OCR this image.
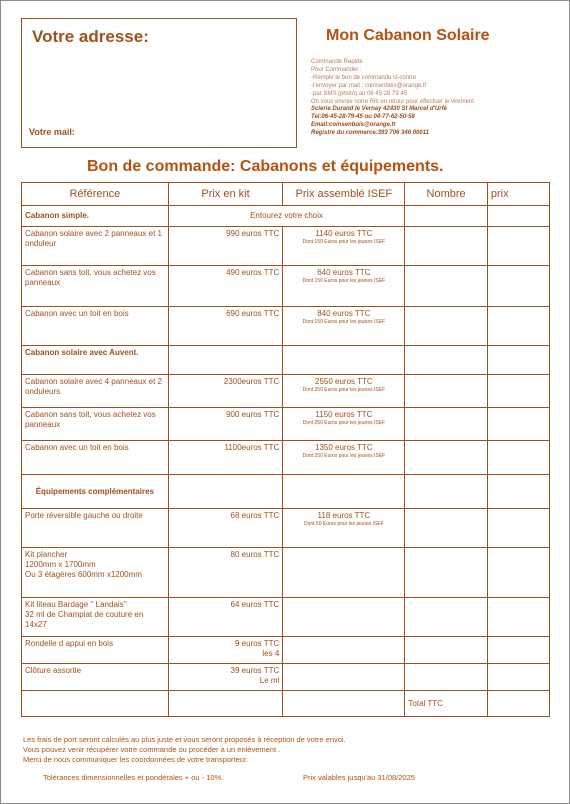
Votre adresse:
Votre mail:
Mon Cabanon Solaire
Commande Rapide
Pour Commander :
-Remplir le bon de commande ci-contre
-l'envoyer par mail : coinsenbois@orange.fr
-par SMS (photo) au 06 45 28 79 45
On vous envoie notre Rib en retour pour effectuer le virement
Scierie Durand le Vernay 42430 St Marcel d'Urfé
Tel:06-45-28-79-45 ou 04-77-62-50-58
Email:coinsenbois@orange.fr
Registre du commerce:393 706 346 00011
Bon de commande: Cabanons et équipements.
Référence	Prix en kit	Prix assemblé ISEF	Nombre	prix
Cabanon simple.	Entourez votre choix			
Cabanon solaire avec 2 panneaux et 1 onduleur	990 euros TTC	1140 euros TTC
Dont 150 Euros pour les jeunes ISEF		

Cabanon sans toit, vous achetez vos panneaux	490 euros TTC	640 euros TTC
Dont 150 Euros pour les jeunes ISEF		

Cabanon avec un toit en bois	690 euros TTC	840 euros TTC
Dont 150 Euros pour les jeunes ISEF		

Cabanon solaire avec Auvent.				
Cabanon solaire avec 4 panneaux et 2 onduleurs	2300euros TTC	2550 euros TTC
Dont 250 Euros pour les jeunes ISEF		

Cabanon sans toit, vous achetez vos panneaux	900 euros TTC	1150 euros TTC
Dont 250 Euros pour les jeunes ISEF		

Cabanon avec un toit en bois	1100euros TTC	1350 euros TTC
Dont 250 Euros pour les jeunes ISEF		

Équipements complémentaires				
Porte réversible gauche ou droite	68 euros TTC	118 euros TTC
Dont 50 Euros pour les jeunes ISEF		

Kit plancher
1200mm x 1700mm
Ou 3 étagères 600mm x1200mm	80 euros TTC			
Kit liteau Bardage '' Landais''
32 ml de Champlat de couture en 14x27	64 euros TTC			
Rondelle d appui en bois	9 euros TTC
les 4			
Clôture assortie	39 euros TTC
Le ml			
			Total TTC	
Les frais de port seront calculés au plus juste et vous seront proposés à réception de votre envoi.
Vous pouvez venir récupérer votre commande ou procéder à un enlèvement .
Merci de nous communiquer les coordonnées de votre transporteur.
Tolérances dimensionnelles et pondérales + ou - 10%.	Prix valables jusqu'au 31/08/2025
